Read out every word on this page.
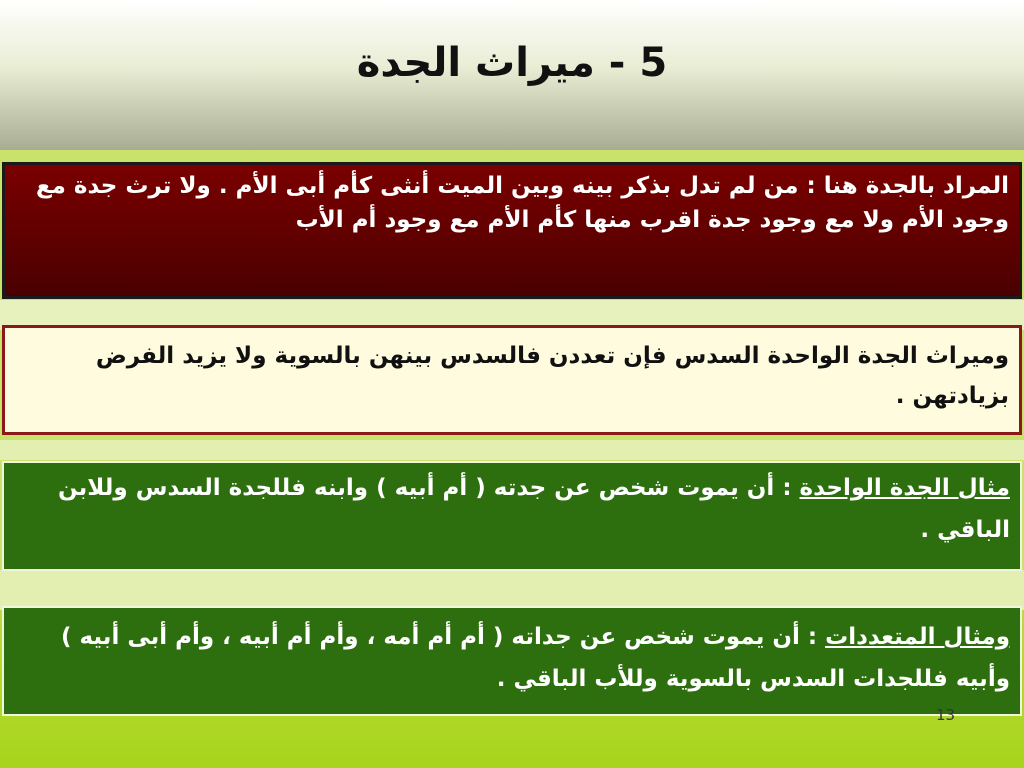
5 - ميراث الجدة
المراد بالجدة هنا : من لم تدل بذكر بينه وبين الميت أنثى كأم أبى الأم . ولا ترث جدة مع وجود الأم ولا مع وجود جدة اقرب منها كأم الأم مع وجود أم الأب
وميراث الجدة الواحدة السدس فإن تعددن فالسدس بينهن بالسوية ولا يزيد الفرض بزيادتهن .
مثال الجدة الواحدة : أن يموت شخص عن جدته ( أم أبيه ) وابنه فللجدة السدس وللابن الباقي .
ومثال المتعددات : أن يموت شخص عن جداته ( أم أم أمه ، وأم أم أبيه ، وأم أبى أبيه ) وأبيه فللجدات السدس بالسوية وللأب الباقي .
13
